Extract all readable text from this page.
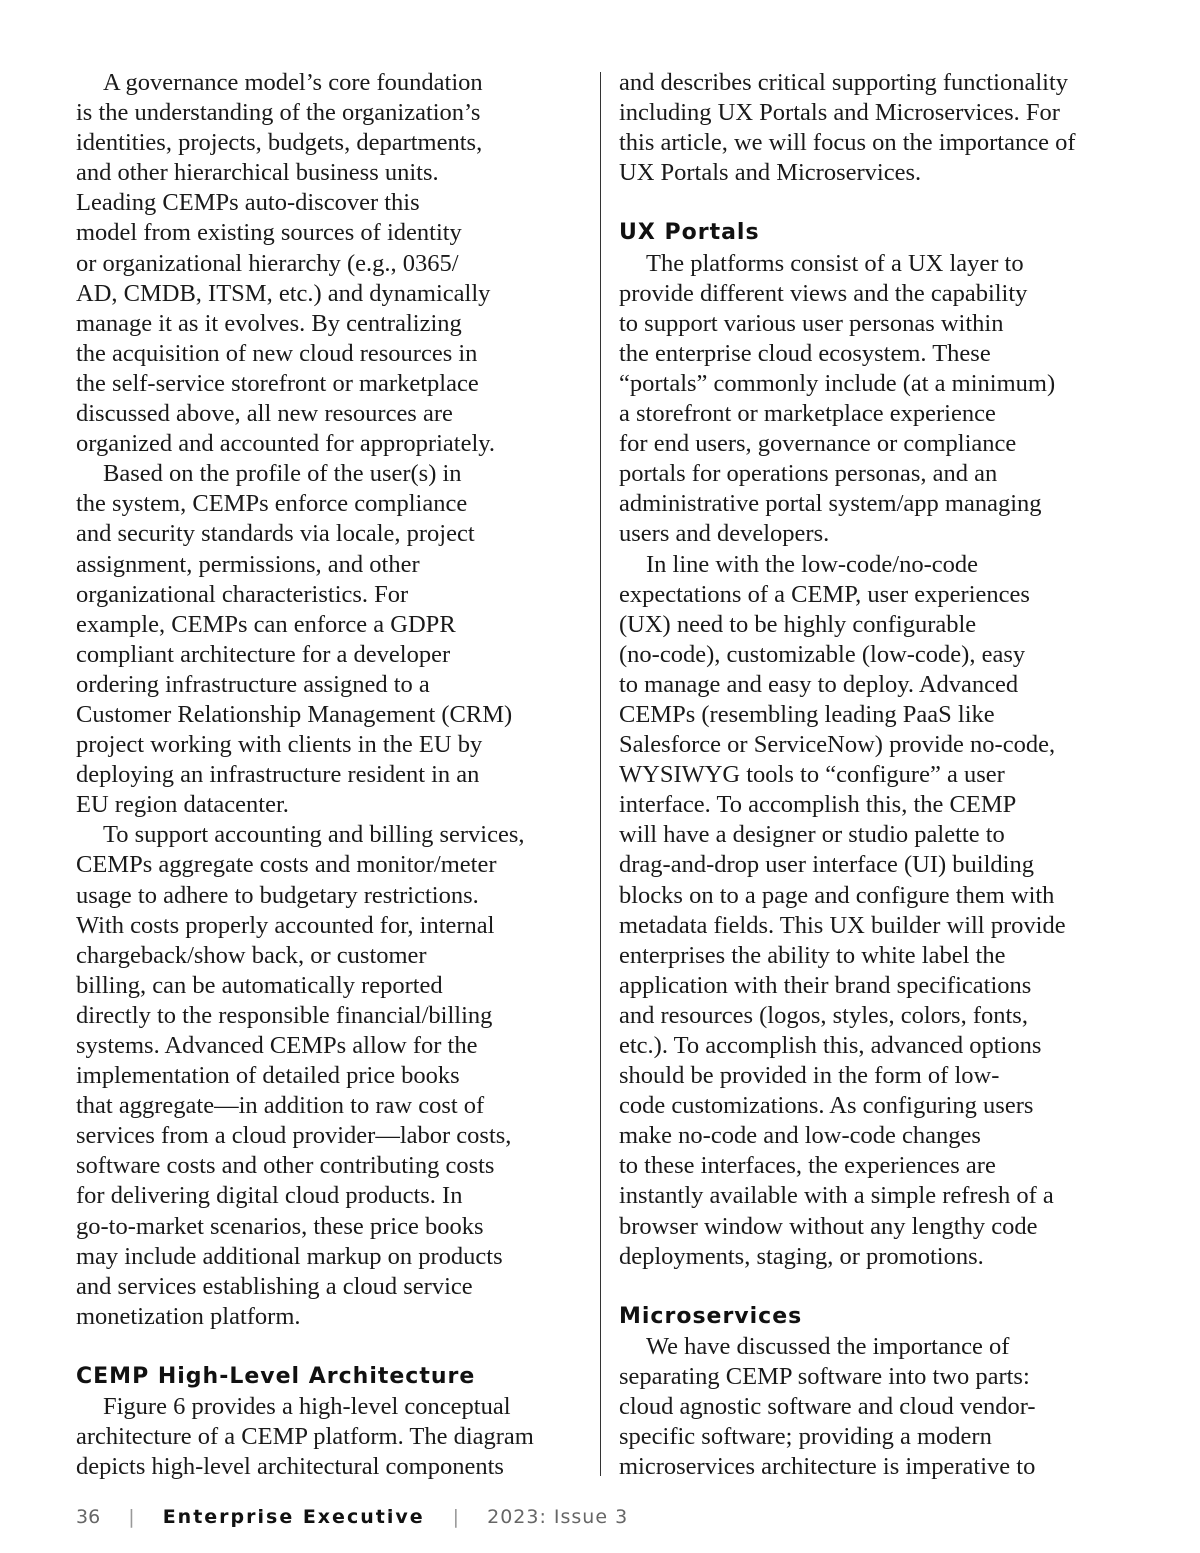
A governance model’s core foundation
is the understanding of the organization’s
identities, projects, budgets, departments,
and other hierarchical business units.
Leading CEMPs auto-discover this
model from existing sources of identity
or organizational hierarchy (e.g., 0365/
AD, CMDB, ITSM, etc.) and dynamically
manage it as it evolves. By centralizing
the acquisition of new cloud resources in
the self-service storefront or marketplace
discussed above, all new resources are
organized and accounted for appropriately.
Based on the profile of the user(s) in
the system, CEMPs enforce compliance
and security standards via locale, project
assignment, permissions, and other
organizational characteristics. For
example, CEMPs can enforce a GDPR
compliant architecture for a developer
ordering infrastructure assigned to a
Customer Relationship Management (CRM)
project working with clients in the EU by
deploying an infrastructure resident in an
EU region datacenter.
To support accounting and billing services,
CEMPs aggregate costs and monitor/meter
usage to adhere to budgetary restrictions.
With costs properly accounted for, internal
chargeback/show back, or customer
billing, can be automatically reported
directly to the responsible financial/billing
systems. Advanced CEMPs allow for the
implementation of detailed price books
that aggregate—in addition to raw cost of
services from a cloud provider—labor costs,
software costs and other contributing costs
for delivering digital cloud products. In
go-to-market scenarios, these price books
may include additional markup on products
and services establishing a cloud service
monetization platform.
CEMP High-Level Architecture
Figure 6 provides a high-level conceptual
architecture of a CEMP platform. The diagram
depicts high-level architectural components
and describes critical supporting functionality
including UX Portals and Microservices. For
this article, we will focus on the importance of
UX Portals and Microservices.
UX Portals
The platforms consist of a UX layer to
provide different views and the capability
to support various user personas within
the enterprise cloud ecosystem. These
“portals” commonly include (at a minimum)
a storefront or marketplace experience
for end users, governance or compliance
portals for operations personas, and an
administrative portal system/app managing
users and developers.
In line with the low-code/no-code
expectations of a CEMP, user experiences
(UX) need to be highly configurable
(no-code), customizable (low-code), easy
to manage and easy to deploy. Advanced
CEMPs (resembling leading PaaS like
Salesforce or ServiceNow) provide no-code,
WYSIWYG tools to “configure” a user
interface. To accomplish this, the CEMP
will have a designer or studio palette to
drag-and-drop user interface (UI) building
blocks on to a page and configure them with
metadata fields. This UX builder will provide
enterprises the ability to white label the
application with their brand specifications
and resources (logos, styles, colors, fonts,
etc.). To accomplish this, advanced options
should be provided in the form of low-
code customizations. As configuring users
make no-code and low-code changes
to these interfaces, the experiences are
instantly available with a simple refresh of a
browser window without any lengthy code
deployments, staging, or promotions.
Microservices
We have discussed the importance of
separating CEMP software into two parts:
cloud agnostic software and cloud vendor-
specific software; providing a modern
microservices architecture is imperative to
36 | Enterprise Executive | 2023: Issue 3
